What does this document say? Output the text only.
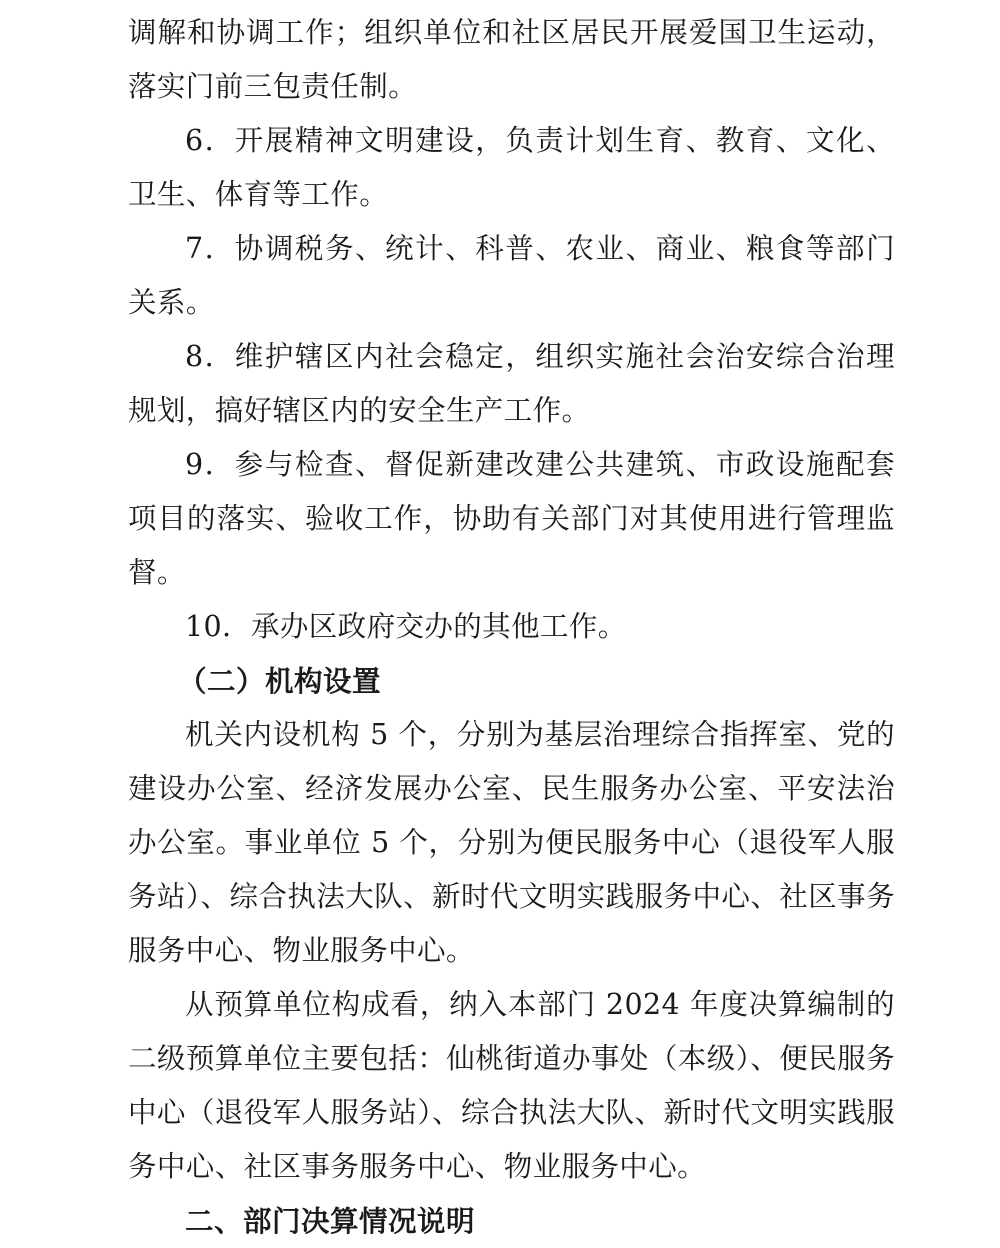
调解和协调工作；组织单位和社区居民开展爱国卫生运动，落实门前三包责任制。

6．开展精神文明建设，负责计划生育、教育、文化、卫生、体育等工作。

7．协调税务、统计、科普、农业、商业、粮食等部门关系。

8．维护辖区内社会稳定，组织实施社会治安综合治理规划，搞好辖区内的安全生产工作。

9．参与检查、督促新建改建公共建筑、市政设施配套项目的落实、验收工作，协助有关部门对其使用进行管理监督。

10．承办区政府交办的其他工作。

（二）机构设置

机关内设机构 5 个，分别为基层治理综合指挥室、党的建设办公室、经济发展办公室、民生服务办公室、平安法治办公室。事业单位 5 个，分别为便民服务中心（退役军人服务站）、综合执法大队、新时代文明实践服务中心、社区事务服务中心、物业服务中心。

从预算单位构成看，纳入本部门 2024 年度决算编制的二级预算单位主要包括：仙桃街道办事处（本级）、便民服务中心（退役军人服务站）、综合执法大队、新时代文明实践服务中心、社区事务服务中心、物业服务中心。

二、部门决算情况说明
